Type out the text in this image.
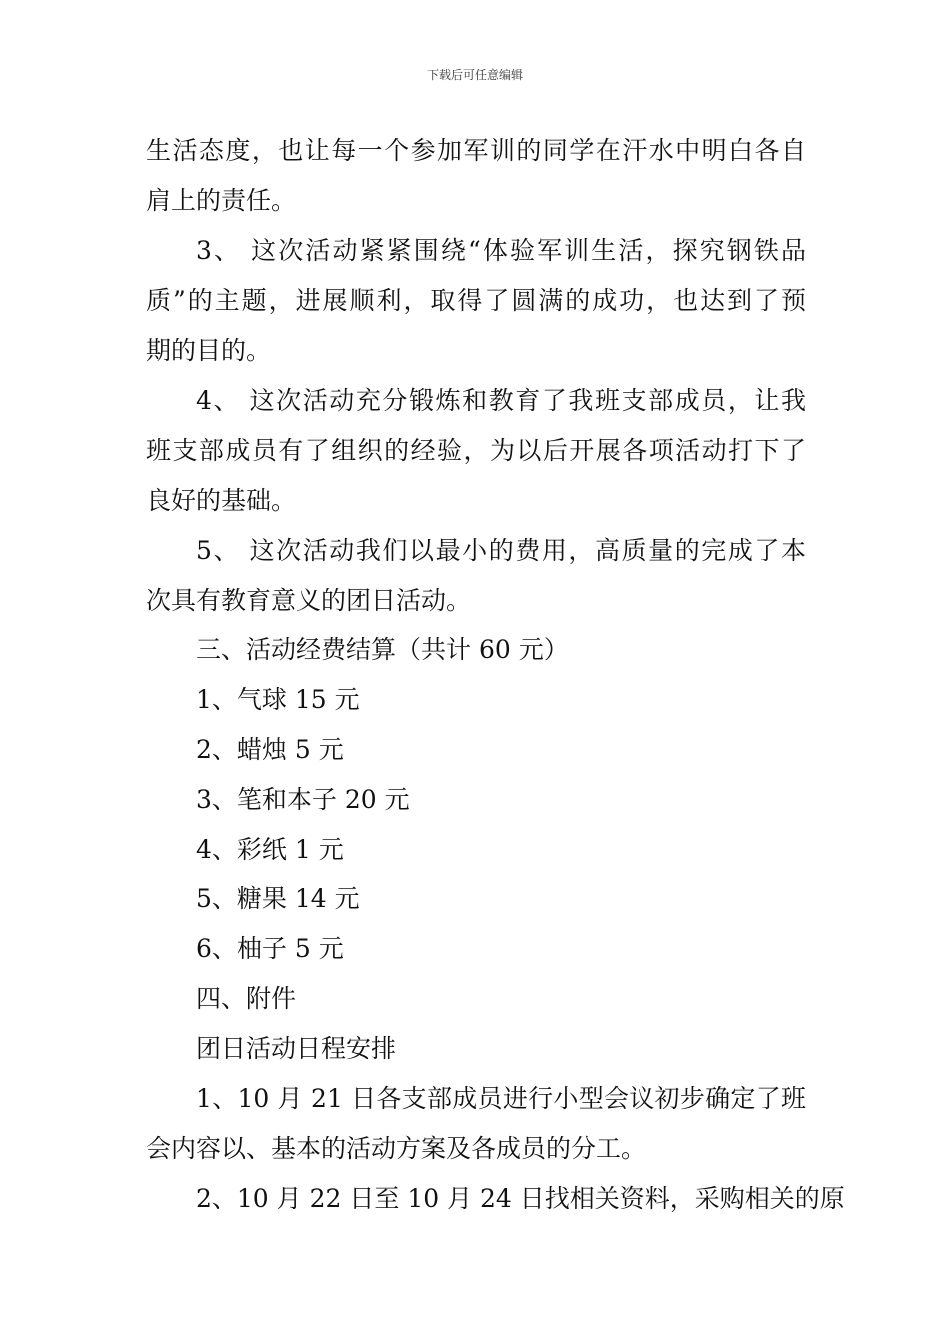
下载后可任意编辑
生活态度，也让每一个参加军训的同学在汗水中明白各自
肩上的责任。
3、 这次活动紧紧围绕“体验军训生活，探究钢铁品
质”的主题，进展顺利，取得了圆满的成功，也达到了预
期的目的。
4、 这次活动充分锻炼和教育了我班支部成员，让我
班支部成员有了组织的经验，为以后开展各项活动打下了
良好的基础。
5、 这次活动我们以最小的费用，高质量的完成了本
次具有教育意义的团日活动。
三、活动经费结算（共计 60 元）
1、气球 15 元
2、蜡烛 5 元
3、笔和本子 20 元
4、彩纸 1 元
5、糖果 14 元
6、柚子 5 元
四、附件
团日活动日程安排
1、10 月 21 日各支部成员进行小型会议初步确定了班
会内容以、基本的活动方案及各成员的分工。
2、10 月 22 日至 10 月 24 日找相关资料，采购相关的原
